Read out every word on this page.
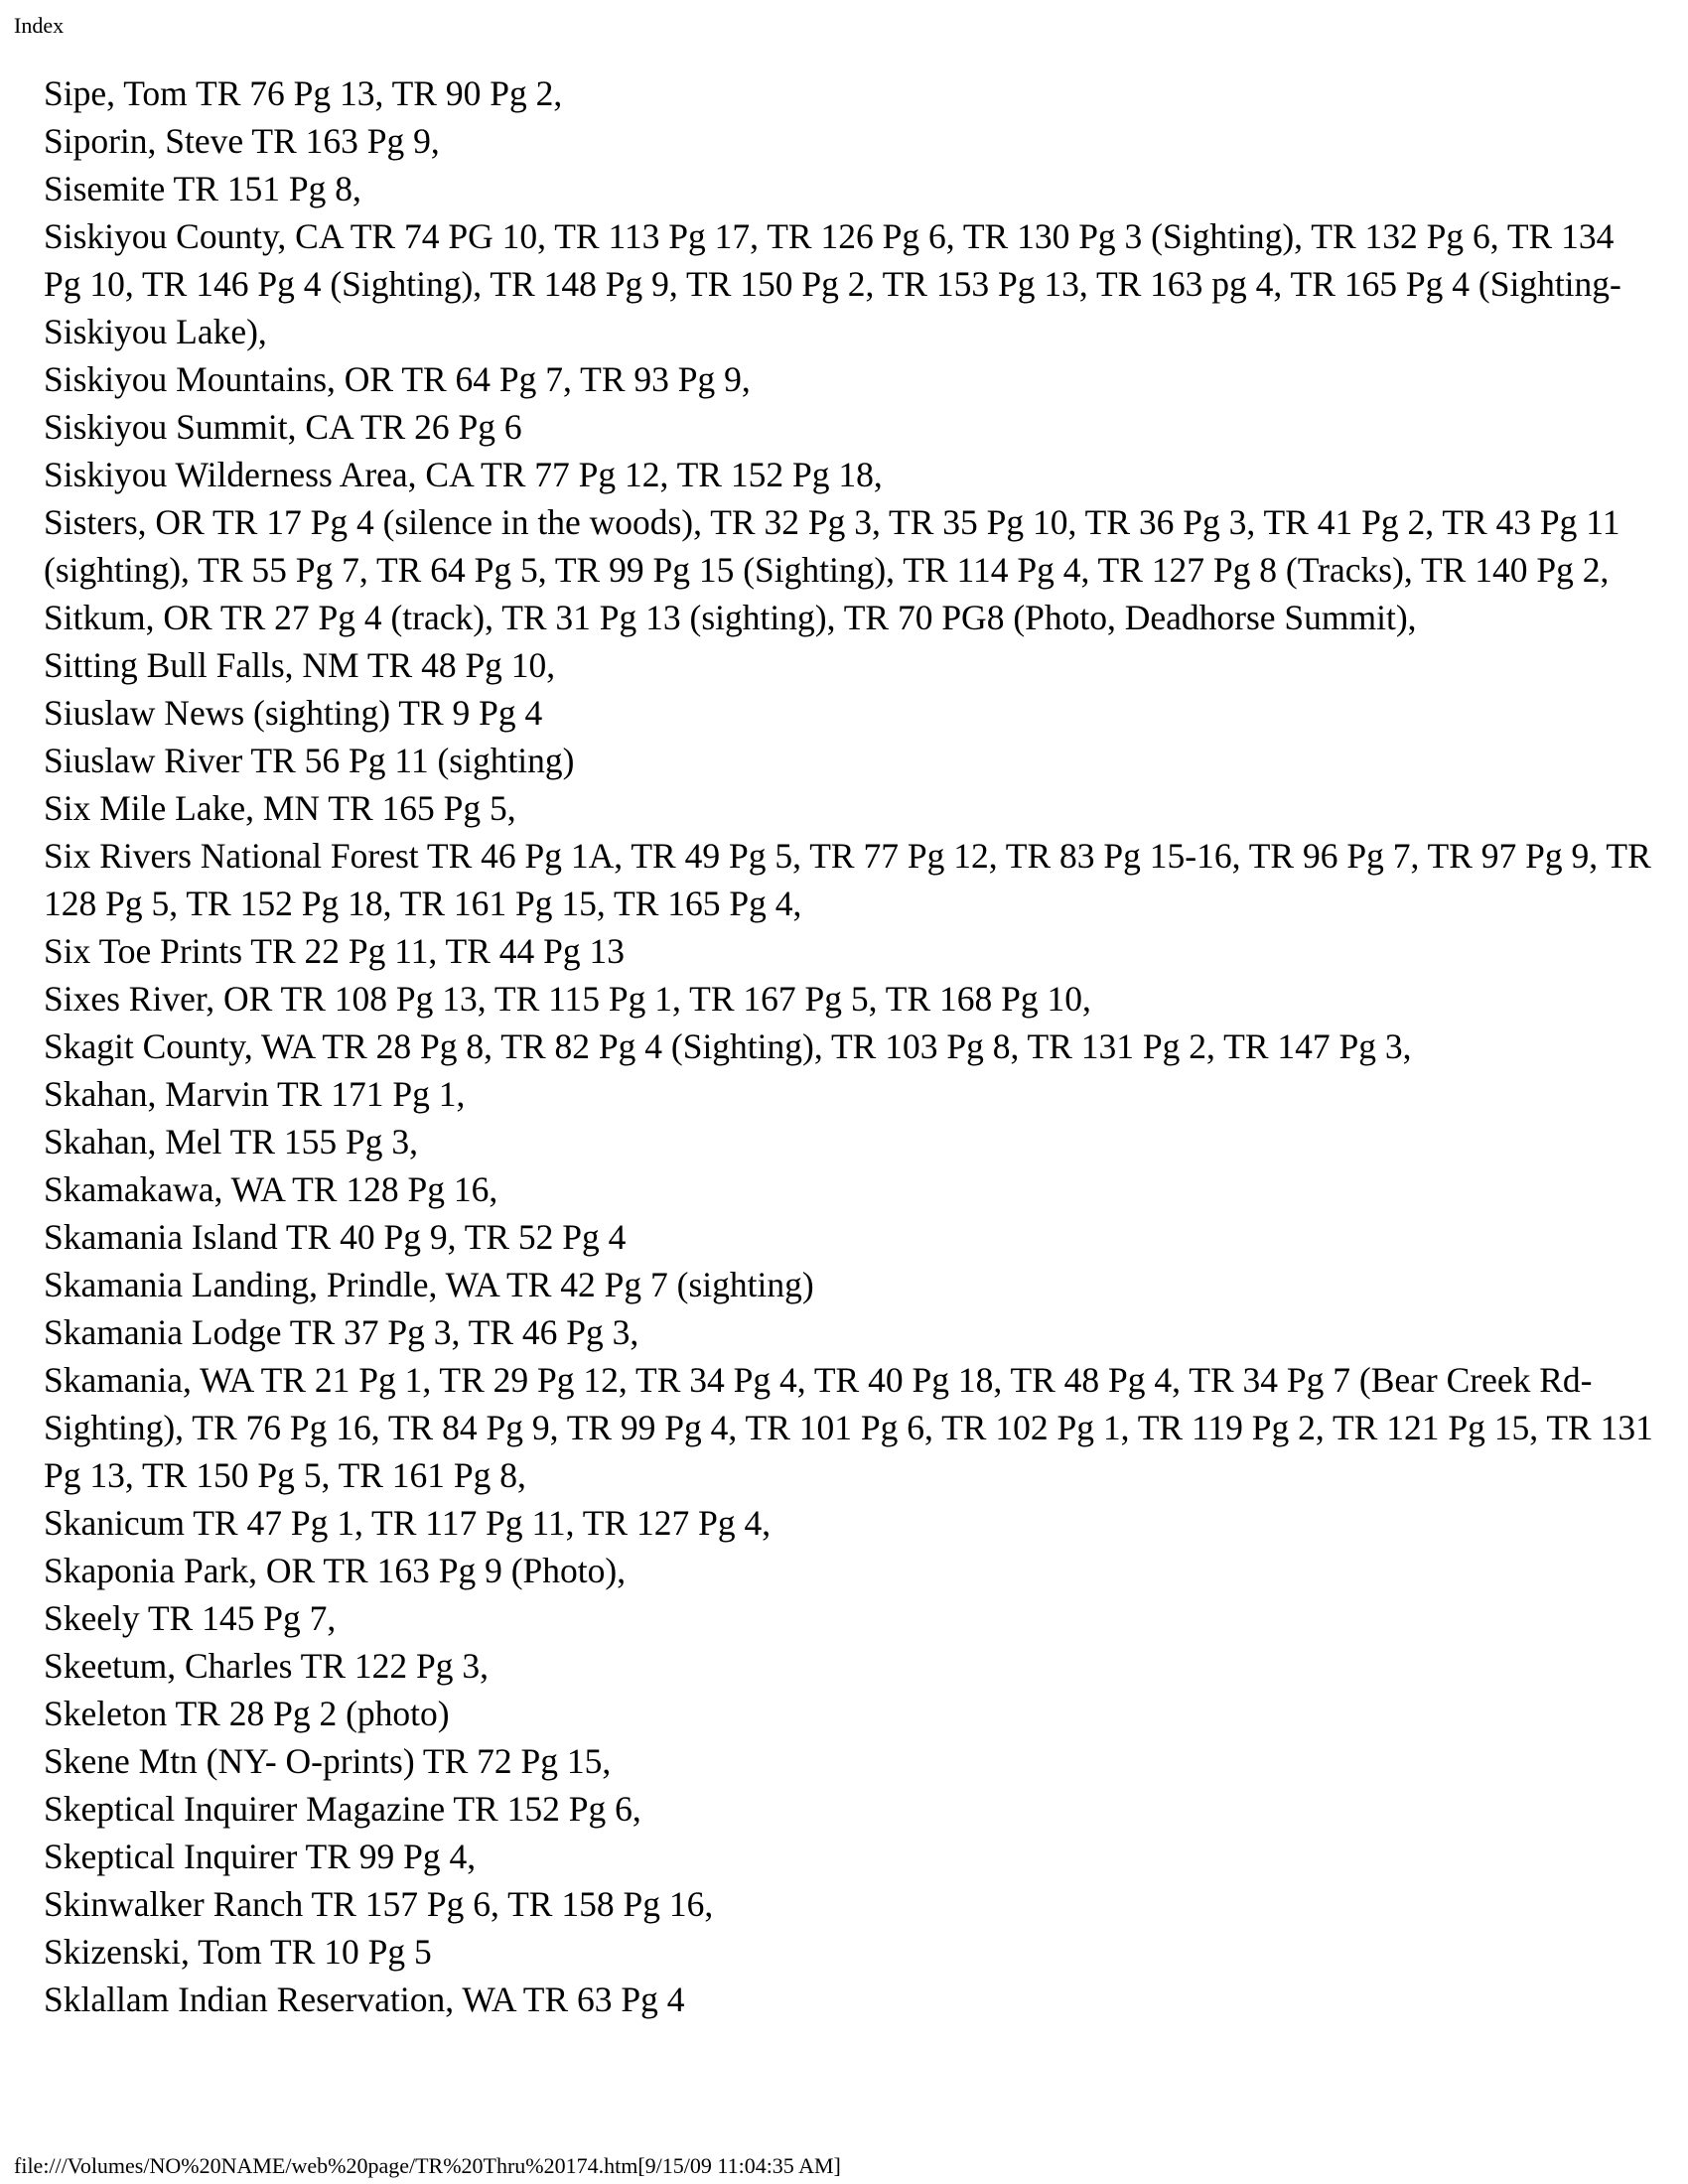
Index
Sipe, Tom TR 76 Pg 13, TR 90 Pg 2,
Siporin, Steve TR 163 Pg 9,
Sisemite TR 151 Pg 8,
Siskiyou County, CA TR 74 PG 10, TR 113 Pg 17, TR 126 Pg 6, TR 130 Pg 3 (Sighting), TR 132 Pg 6, TR 134 Pg 10, TR 146 Pg 4 (Sighting), TR 148 Pg 9, TR 150 Pg 2, TR 153 Pg 13, TR 163 pg 4, TR 165 Pg 4 (Sighting-Siskiyou Lake),
Siskiyou Mountains, OR TR 64 Pg 7, TR 93 Pg 9,
Siskiyou Summit, CA TR 26 Pg 6
Siskiyou Wilderness Area, CA TR 77 Pg 12, TR 152 Pg 18,
Sisters, OR TR 17 Pg 4 (silence in the woods), TR 32 Pg 3, TR 35 Pg 10, TR 36 Pg 3, TR 41 Pg 2, TR 43 Pg 11 (sighting), TR 55 Pg 7, TR 64 Pg 5, TR 99 Pg 15 (Sighting), TR 114 Pg 4, TR 127 Pg 8 (Tracks), TR 140 Pg 2,
Sitkum, OR TR 27 Pg 4 (track), TR 31 Pg 13 (sighting), TR 70 PG8 (Photo, Deadhorse Summit),
Sitting Bull Falls, NM TR 48 Pg 10,
Siuslaw News (sighting) TR 9 Pg 4
Siuslaw River TR 56 Pg 11 (sighting)
Six Mile Lake, MN TR 165 Pg 5,
Six Rivers National Forest TR 46 Pg 1A, TR 49 Pg 5, TR 77 Pg 12, TR 83 Pg 15-16, TR 96 Pg 7, TR 97 Pg 9, TR 128 Pg 5, TR 152 Pg 18, TR 161 Pg 15, TR 165 Pg 4,
Six Toe Prints TR 22 Pg 11, TR 44 Pg 13
Sixes River, OR TR 108 Pg 13, TR 115 Pg 1, TR 167 Pg 5, TR 168 Pg 10,
Skagit County, WA TR 28 Pg 8, TR 82 Pg 4 (Sighting), TR 103 Pg 8, TR 131 Pg 2, TR 147 Pg 3,
Skahan, Marvin TR 171 Pg 1,
Skahan, Mel TR 155 Pg 3,
Skamakawa, WA TR 128 Pg 16,
Skamania Island TR 40 Pg 9, TR 52 Pg 4
Skamania Landing, Prindle, WA TR 42 Pg 7 (sighting)
Skamania Lodge TR 37 Pg 3, TR 46 Pg 3,
Skamania, WA TR 21 Pg 1, TR 29 Pg 12, TR 34 Pg 4, TR 40 Pg 18, TR 48 Pg 4, TR 34 Pg 7 (Bear Creek Rd- Sighting), TR 76 Pg 16, TR 84 Pg 9, TR 99 Pg 4, TR 101 Pg 6, TR 102 Pg 1, TR 119 Pg 2, TR 121 Pg 15, TR 131 Pg 13, TR 150 Pg 5, TR 161 Pg 8,
Skanicum TR 47 Pg 1, TR 117 Pg 11, TR 127 Pg 4,
Skaponia Park, OR TR 163 Pg 9 (Photo),
Skeely TR 145 Pg 7,
Skeetum, Charles TR 122 Pg 3,
Skeleton TR 28 Pg 2 (photo)
Skene Mtn (NY- O-prints) TR 72 Pg 15,
Skeptical Inquirer Magazine TR 152 Pg 6,
Skeptical Inquirer TR 99 Pg 4,
Skinwalker Ranch TR 157 Pg 6, TR 158 Pg 16,
Skizenski, Tom TR 10 Pg 5
Sklallam Indian Reservation, WA TR 63 Pg 4
file:///Volumes/NO%20NAME/web%20page/TR%20Thru%20174.htm[9/15/09 11:04:35 AM]
